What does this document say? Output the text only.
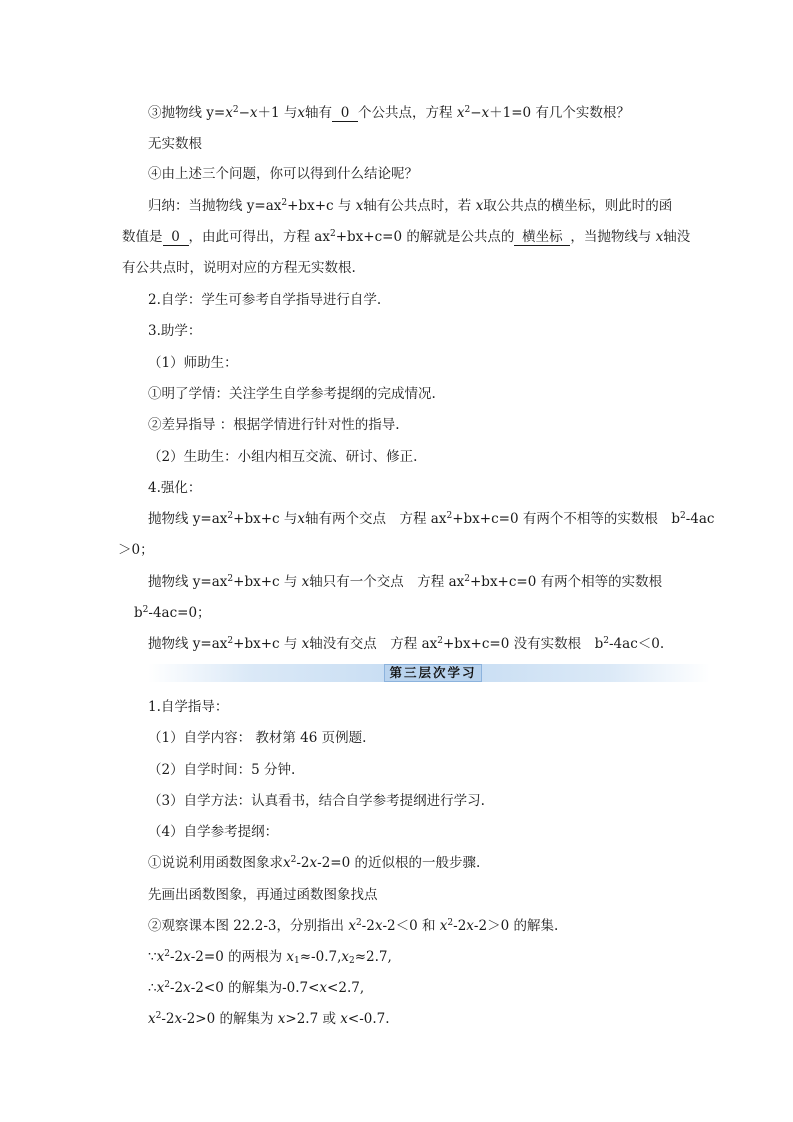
③抛物线 $y=x^2-x+1$ 与x轴有 0 个公共点，方程 $x^2-x+1=0$ 有几个实数根？
无实数根
④由上述三个问题，你可以得到什么结论呢？
归纳：当抛物线 $y=ax^2+bx+c$ 与 x轴有公共点时，若 x取公共点的横坐标，则此时的函
数值是 0 ，由此可得出，方程 $ax^2+bx+c=0$ 的解就是公共点的 横坐标 ，当抛物线与 x轴没
有公共点时，说明对应的方程无实数根.
2.自学：学生可参考自学指导进行自学.
3.助学：
（1）师助生：
①明了学情：关注学生自学参考提纲的完成情况.
②差异指导 ：根据学情进行针对性的指导.
（2）生助生：小组内相互交流、研讨、修正.
4.强化：
抛物线 $y=ax^2+bx+c$ 与x轴有两个交点　方程 $ax^2+bx+c=0$ 有两个不相等的实数根　$b^2-4ac$
＞0；
抛物线 $y=ax^2+bx+c$ 与 x轴只有一个交点　方程 $ax^2+bx+c=0$ 有两个相等的实数根
$b^2-4ac=0$；
抛物线 $y=ax^2+bx+c$ 与 x轴没有交点　方程 $ax^2+bx+c=0$ 没有实数根　$b^2-4ac<0$.
第三层次学习
1.自学指导：
（1）自学内容： 教材第 46 页例题.
（2）自学时间：5 分钟.
（3）自学方法：认真看书，结合自学参考提纲进行学习.
（4）自学参考提纲：
①说说利用函数图象求$x^2-2x-2=0$ 的近似根的一般步骤.
先画出函数图象，再通过函数图象找点
②观察课本图 22.2-3，分别指出 $x^2-2x-2<0$ 和 $x^2-2x-2>0$ 的解集.
$\because x^2-2x-2=0$ 的两根为 $x_1\approx-0.7,x_2\approx 2.7$,
$\therefore x^2-2x-2<0$ 的解集为-0.7<x<2.7,
$x^2-2x-2>0$ 的解集为 x>2.7 或 x<-0.7.
